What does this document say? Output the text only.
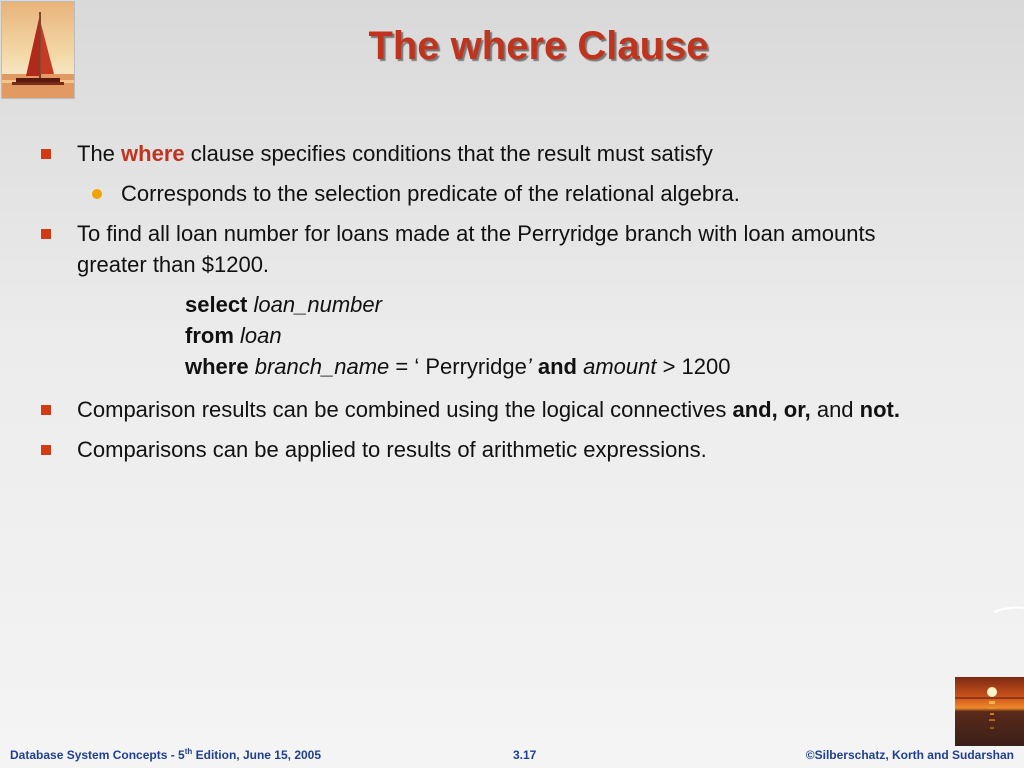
The where Clause
The where clause specifies conditions that the result must satisfy
Corresponds to the selection predicate of the relational algebra.
To find all loan number for loans made at the Perryridge branch with loan amounts greater than $1200.
select loan_number
from loan
where branch_name = ‘ Perryridge’ and amount > 1200
Comparison results can be combined using the logical connectives and, or, and not.
Comparisons can be applied to results of arithmetic expressions.
Database System Concepts - 5th Edition, June 15, 2005	3.17	©Silberschatz, Korth and Sudarshan
